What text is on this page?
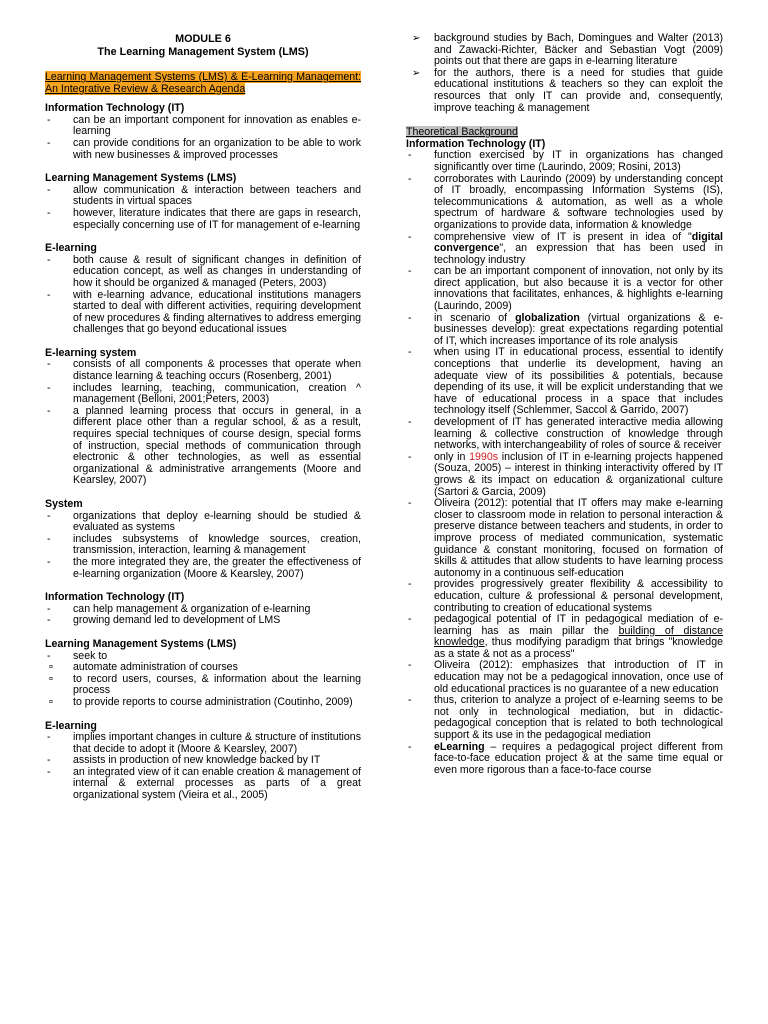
MODULE 6
The Learning Management System (LMS)
Learning Management Systems (LMS) & E-Learning Management: An Integrative Review & Research Agenda
Information Technology (IT)
- can be an important component for innovation as enables e-learning
- can provide conditions for an organization to be able to work with new businesses & improved processes
Learning Management Systems (LMS)
- allow communication & interaction between teachers and students in virtual spaces
- however, literature indicates that there are gaps in research, especially concerning use of IT for management of e-learning
E-learning
- both cause & result of significant changes in definition of education concept, as well as changes in understanding of how it should be organized & managed (Peters, 2003)
- with e-learning advance, educational institutions managers started to deal with different activities, requiring development of new procedures & finding alternatives to address emerging challenges that go beyond educational issues
E-learning system
- consists of all components & processes that operate when distance learning & teaching occurs (Rosenberg, 2001)
- includes learning, teaching, communication, creation ^ management (Belloni, 2001;Peters, 2003)
- a planned learning process that occurs in general, in a different place other than a regular school, & as a result, requires special techniques of course design, special forms of instruction, special methods of communication through electronic & other technologies, as well as essential organizational & administrative arrangements (Moore and Kearsley, 2007)
System
- organizations that deploy e-learning should be studied & evaluated as systems
- includes subsystems of knowledge sources, creation, transmission, interaction, learning & management
- the more integrated they are, the greater the effectiveness of e-learning organization (Moore & Kearsley, 2007)
Information Technology (IT)
- can help management & organization of e-learning
- growing demand led to development of LMS
Learning Management Systems (LMS)
- seek to
¤ automate administration of courses
¤ to record users, courses, & information about the learning process
¤ to provide reports to course administration (Coutinho, 2009)
E-learning
- implies important changes in culture & structure of institutions that decide to adopt it (Moore & Kearsley, 2007)
- assists in production of new knowledge backed by IT
- an integrated view of it can enable creation & management of internal & external processes as parts of a great organizational system (Vieira et al., 2005)
➢ background studies by Bach, Domingues and Walter (2013) and Zawacki-Richter, Bäcker and Sebastian Vogt (2009) points out that there are gaps in e-learning literature
➢ for the authors, there is a need for studies that guide educational institutions & teachers so they can exploit the resources that only IT can provide and, consequently, improve teaching & management
Theoretical Background
Information Technology (IT)
- function exercised by IT in organizations has changed significantly over time (Laurindo, 2009; Rosini, 2013)
- corroborates with Laurindo (2009) by understanding concept of IT broadly, encompassing Information Systems (IS), telecommunications & automation, as well as a whole spectrum of hardware & software technologies used by organizations to provide data, information & knowledge
- comprehensive view of IT is present in idea of "digital convergence", an expression that has been used in technology industry
- can be an important component of innovation, not only by its direct application, but also because it is a vector for other innovations that facilitates, enhances, & highlights e-learning (Laurindo, 2009)
- in scenario of globalization (virtual organizations & e-businesses develop): great expectations regarding potential of IT, which increases importance of its role analysis
- when using IT in educational process, essential to identify conceptions that underlie its development, having an adequate view of its possibilities & potentials, because depending of its use, it will be explicit understanding that we have of educational process in a space that includes technology itself (Schlemmer, Saccol & Garrido, 2007)
- development of IT has generated interactive media allowing learning & collective construction of knowledge through networks, with interchangeability of roles of source & receiver
- only in 1990s inclusion of IT in e-learning projects happened (Souza, 2005) – interest in thinking interactivity offered by IT grows & its impact on education & organizational culture (Sartori & Garcia, 2009)
- Oliveira (2012): potential that IT offers may make e-learning closer to classroom mode in relation to personal interaction & preserve distance between teachers and students, in order to improve process of mediated communication, systematic guidance & constant monitoring, focused on formation of skills & attitudes that allow students to have learning process autonomy in a continuous self-education
- provides progressively greater flexibility & accessibility to education, culture & professional & personal development, contributing to creation of educational systems
- pedagogical potential of IT in pedagogical mediation of e-learning has as main pillar the building of distance knowledge, thus modifying paradigm that brings "knowledge as a state & not as a process"
- Oliveira (2012): emphasizes that introduction of IT in education may not be a pedagogical innovation, once use of old educational practices is no guarantee of a new education
- thus, criterion to analyze a project of e-learning seems to be not only in technological mediation, but in didactic-pedagogical conception that is related to both technological support & its use in the pedagogical mediation
- eLearning – requires a pedagogical project different from face-to-face education project & at the same time equal or even more rigorous than a face-to-face course
